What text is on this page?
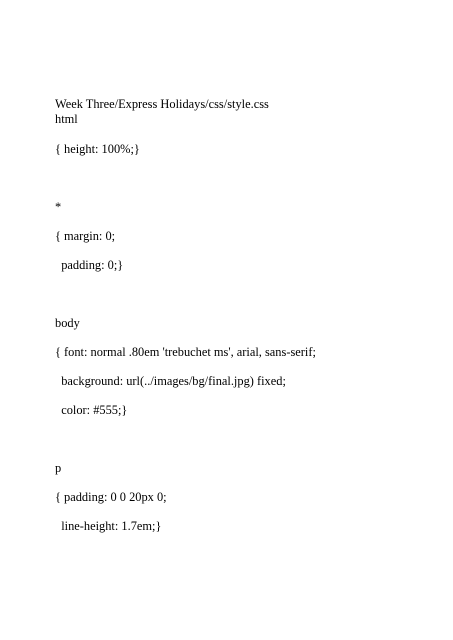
Week Three/Express Holidays/css/style.css
html
{ height: 100%;}
*
{ margin: 0;
padding: 0;}
body
{ font: normal .80em 'trebuchet ms', arial, sans-serif;
background: url(../images/bg/final.jpg) fixed;
color: #555;}
p
{ padding: 0 0 20px 0;
line-height: 1.7em;}
